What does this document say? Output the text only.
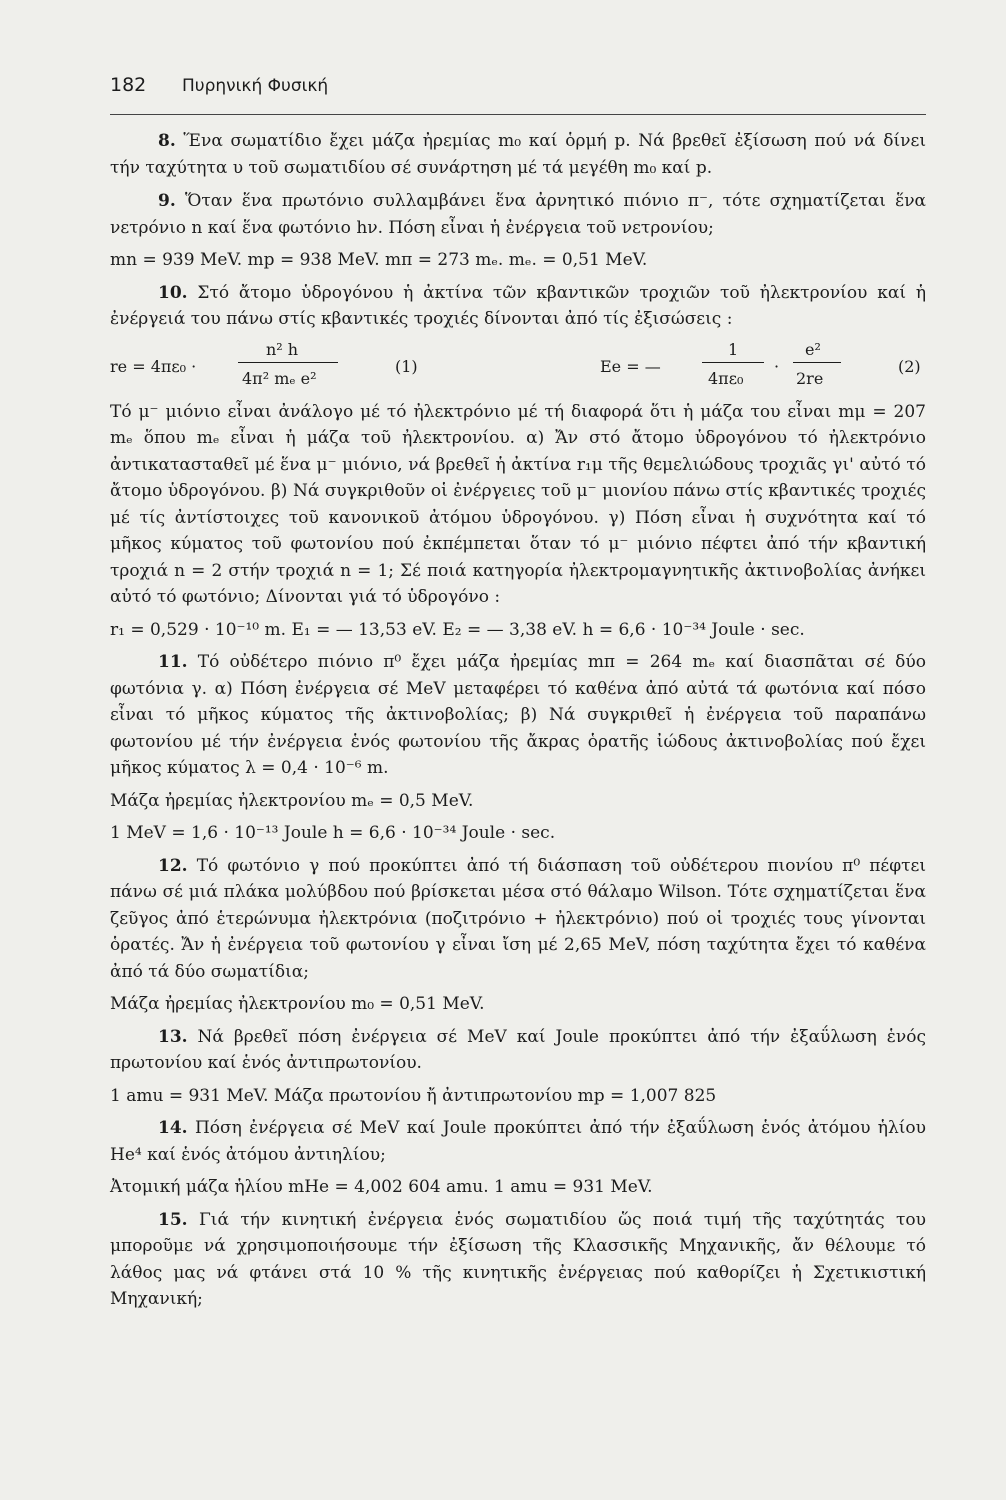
182 Πυρηνική Φυσική

8. Ἕνα σωματίδιο ἔχει μάζα ἠρεμίας m₀ καί ὁρμή p. Νά βρεθεῖ ἐξίσωση πού νά δίνει τήν ταχύτητα υ τοῦ σωματιδίου σέ συνάρτηση μέ τά μεγέθη m₀ καί p.

9. Ὅταν ἕνα πρωτόνιο συλλαμβάνει ἕνα ἀρνητικό πιόνιο π⁻, τότε σχηματίζεται ἕνα νετρόνιο n καί ἕνα φωτόνιο hν. Πόση εἶναι ἡ ἐνέργεια τοῦ νετρονίου;

mn = 939 MeV. mp = 938 MeV. mπ = 273 mₑ. mₑ. = 0,51 MeV.

10. Στό ἄτομο ὑδρογόνου ἡ ἀκτίνα τῶν κβαντικῶν τροχιῶν τοῦ ἠλεκτρονίου καί ἡ ἐνέργειά του πάνω στίς κβαντικές τροχιές δίνονται ἀπό τίς ἐξισώσεις :

re = 4πε₀ ·
n² h
4π² mₑ e²
(1)	Ee = —
1
4πε₀
·
e²
2re
(2)

Τό μ⁻ μιόνιο εἶναι ἀνάλογο μέ τό ἠλεκτρόνιο μέ τή διαφορά ὅτι ἡ μάζα του εἶναι mμ = 207 mₑ ὅπου mₑ εἶναι ἡ μάζα τοῦ ἠλεκτρονίου. α) Ἄν στό ἄτομο ὑδρογόνου τό ἠλεκτρόνιο ἀντικατασταθεῖ μέ ἕνα μ⁻ μιόνιο, νά βρεθεῖ ἡ ἀκτίνα r₁μ τῆς θεμελιώδους τροχιᾶς γι' αὐτό τό ἄτομο ὑδρογόνου. β) Νά συγκριθοῦν οἱ ἐνέργειες τοῦ μ⁻ μιονίου πάνω στίς κβαντικές τροχιές μέ τίς ἀντίστοιχες τοῦ κανονικοῦ ἀτόμου ὑδρογόνου. γ) Πόση εἶναι ἡ συχνότητα καί τό μῆκος κύματος τοῦ φωτονίου πού ἐκπέμπεται ὅταν τό μ⁻ μιόνιο πέφτει ἀπό τήν κβαντική τροχιά n = 2 στήν τροχιά n = 1; Σέ ποιά κατηγορία ἠλεκτρομαγνητικῆς ἀκτινοβολίας ἀνήκει αὐτό τό φωτόνιο; Δίνονται γιά τό ὑδρογόνο :

r₁ = 0,529 · 10⁻¹⁰ m. E₁ = — 13,53 eV. E₂ = — 3,38 eV. h = 6,6 · 10⁻³⁴ Joule · sec.

11. Τό οὐδέτερο πιόνιο π⁰ ἔχει μάζα ἠρεμίας mπ = 264 mₑ καί διασπᾶται σέ δύο φωτόνια γ. α) Πόση ἐνέργεια σέ MeV μεταφέρει τό καθένα ἀπό αὐτά τά φωτόνια καί πόσο εἶναι τό μῆκος κύματος τῆς ἀκτινοβολίας; β) Νά συγκριθεῖ ἡ ἐνέργεια τοῦ παραπάνω φωτονίου μέ τήν ἐνέργεια ἑνός φωτονίου τῆς ἄκρας ὁρατῆς ἰώδους ἀκτινοβολίας πού ἔχει μῆκος κύματος λ = 0,4 · 10⁻⁶ m.

Μάζα ἠρεμίας ἠλεκτρονίου mₑ = 0,5 MeV.

1 MeV = 1,6 · 10⁻¹³ Joule h = 6,6 · 10⁻³⁴ Joule · sec.

12. Τό φωτόνιο γ πού προκύπτει ἀπό τή διάσπαση τοῦ οὐδέτερου πιονίου π⁰ πέφτει πάνω σέ μιά πλάκα μολύβδου πού βρίσκεται μέσα στό θάλαμο Wilson. Τότε σχηματίζεται ἕνα ζεῦγος ἀπό ἑτερώνυμα ἠλεκτρόνια (ποζιτρόνιο + ἠλεκτρόνιο) πού οἱ τροχιές τους γίνονται ὁρατές. Ἄν ἡ ἐνέργεια τοῦ φωτονίου γ εἶναι ἴση μέ 2,65 MeV, πόση ταχύτητα ἔχει τό καθένα ἀπό τά δύο σωματίδια;

Μάζα ἠρεμίας ἠλεκτρονίου m₀ = 0,51 MeV.

13. Νά βρεθεῖ πόση ἐνέργεια σέ MeV καί Joule προκύπτει ἀπό τήν ἐξαΰλωση ἑνός πρωτονίου καί ἑνός ἀντιπρωτονίου.

1 amu = 931 MeV. Μάζα πρωτονίου ἤ ἀντιπρωτονίου mp = 1,007 825

14. Πόση ἐνέργεια σέ MeV καί Joule προκύπτει ἀπό τήν ἐξαΰλωση ἑνός ἀτόμου ἡλίου He⁴ καί ἑνός ἀτόμου ἀντιηλίου;

Ἀτομική μάζα ἡλίου mHe = 4,002 604 amu. 1 amu = 931 MeV.

15. Γιά τήν κινητική ἐνέργεια ἑνός σωματιδίου ὥς ποιά τιμή τῆς ταχύτητάς του μποροῦμε νά χρησιμοποιήσουμε τήν ἐξίσωση τῆς Κλασσικῆς Μηχανικῆς, ἄν θέλουμε τό λάθος μας νά φτάνει στά 10 % τῆς κινητικῆς ἐνέργειας πού καθορίζει ἡ Σχετικιστική Μηχανική;
